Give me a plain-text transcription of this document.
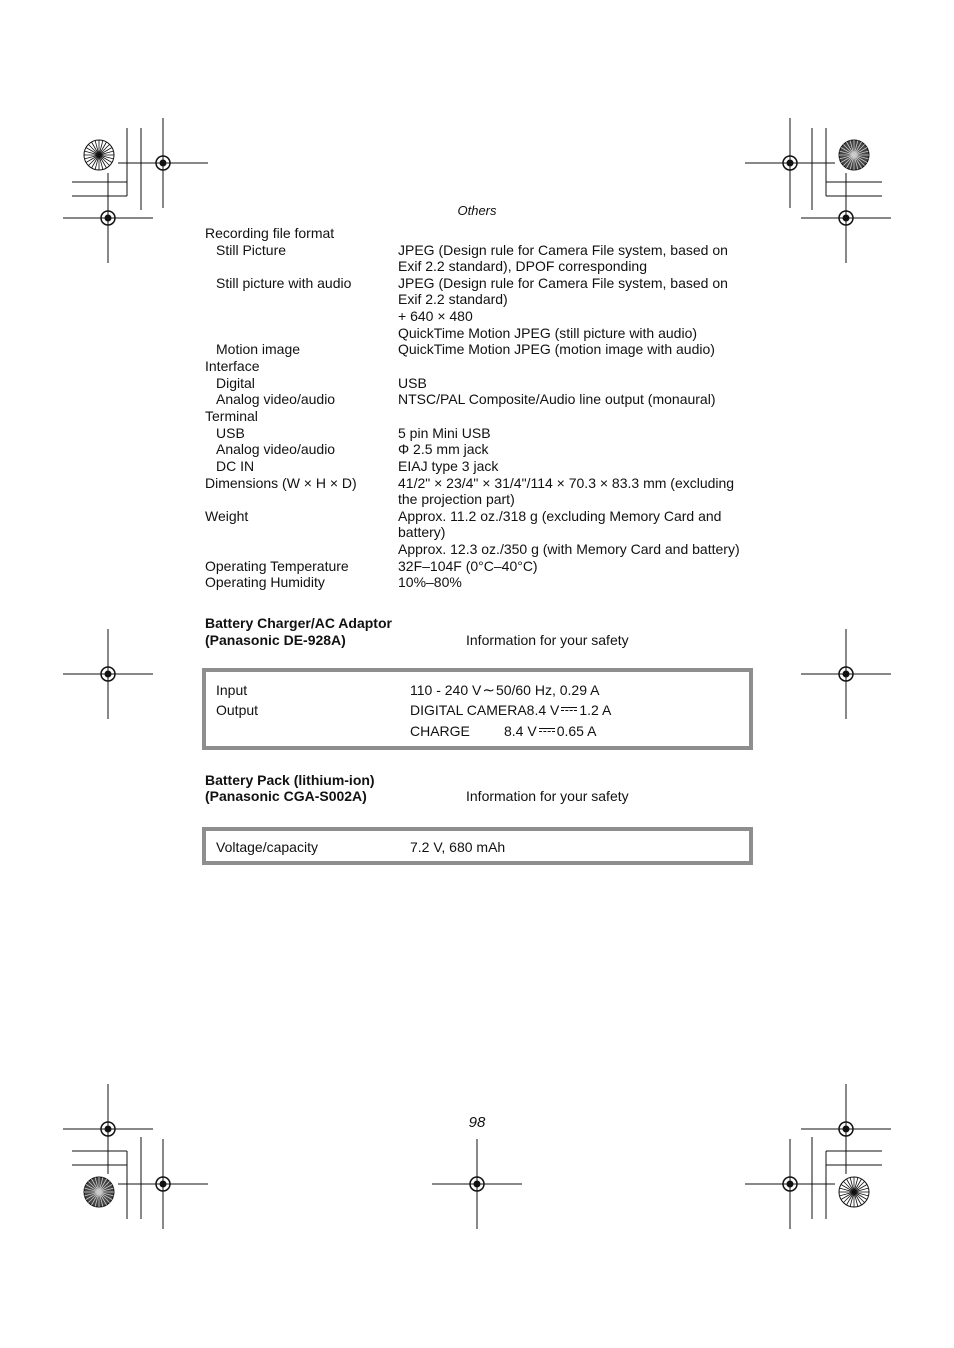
Others
Recording file format
Still Picture	JPEG (Design rule for Camera File system, based on
Exif 2.2 standard), DPOF corresponding
Still picture with audio	JPEG (Design rule for Camera File system, based on
Exif 2.2 standard)
+ 640 × 480
QuickTime Motion JPEG (still picture with audio)
Motion image	QuickTime Motion JPEG (motion image with audio)
Interface
Digital	USB
Analog video/audio	NTSC/PAL Composite/Audio line output (monaural)
Terminal
USB	5 pin Mini USB
Analog video/audio	Φ 2.5 mm jack
DC IN	EIAJ type 3 jack
Dimensions (W × H × D)	41/2" × 23/4" × 31/4"/114 × 70.3 × 83.3 mm (excluding
the projection part)
Weight	Approx. 11.2 oz./318 g (excluding Memory Card and
battery)
Approx. 12.3 oz./350 g (with Memory Card and battery)
Operating Temperature	32F–104F (0°C–40°C)
Operating Humidity	10%–80%
Battery Charger/AC Adaptor
(Panasonic DE-928A)	Information for your safety
Input	110 - 240 V∼50/60 Hz, 0.29 A
Output	DIGITAL CAMERA8.4 V 1.2 A
CHARGE 8.4 V 0.65 A
Battery Pack (lithium-ion)
(Panasonic CGA-S002A)	Information for your safety
Voltage/capacity	7.2 V, 680 mAh
98
